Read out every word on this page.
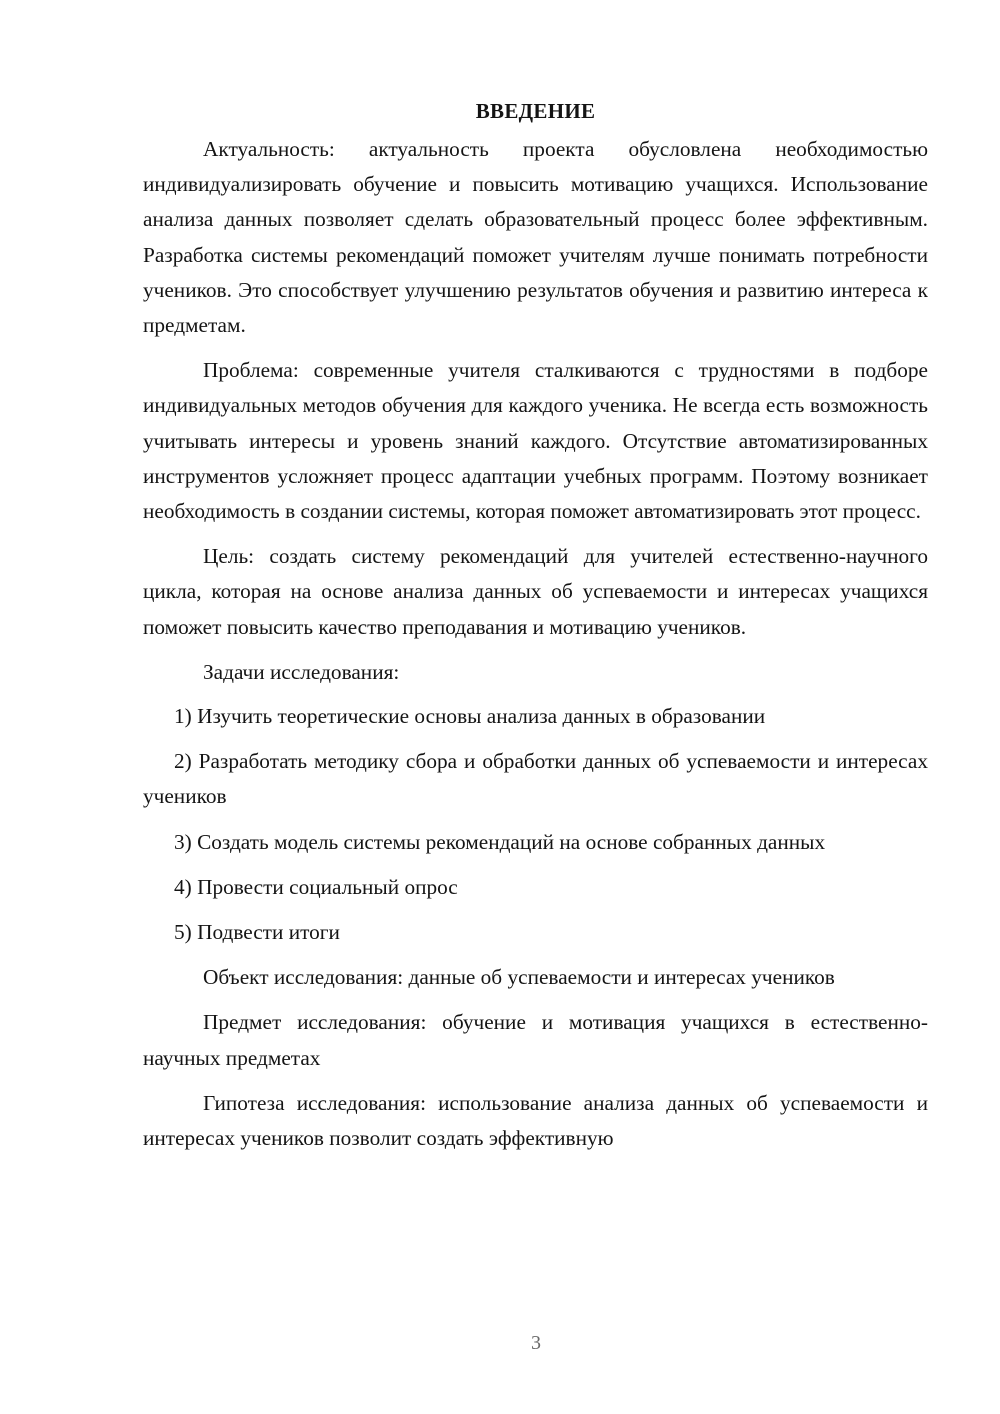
ВВЕДЕНИЕ

Актуальность: актуальность проекта обусловлена необходимостью индивидуализировать обучение и повысить мотивацию учащихся. Использование анализа данных позволяет сделать образовательный процесс более эффективным. Разработка системы рекомендаций поможет учителям лучше понимать потребности учеников. Это способствует улучшению результатов обучения и развитию интереса к предметам.

Проблема: современные учителя сталкиваются с трудностями в подборе индивидуальных методов обучения для каждого ученика. Не всегда есть возможность учитывать интересы и уровень знаний каждого. Отсутствие автоматизированных инструментов усложняет процесс адаптации учебных программ. Поэтому возникает необходимость в создании системы, которая поможет автоматизировать этот процесс.

Цель: создать систему рекомендаций для учителей естественно-научного цикла, которая на основе анализа данных об успеваемости и интересах учащихся поможет повысить качество преподавания и мотивацию учеников.

Задачи исследования:

1) Изучить теоретические основы анализа данных в образовании

2) Разработать методику сбора и обработки данных об успеваемости и интересах учеников

3) Создать модель системы рекомендаций на основе собранных данных

4) Провести социальный опрос

5) Подвести итоги

Объект исследования: данные об успеваемости и интересах учеников

Предмет исследования: обучение и мотивация учащихся в естественно-научных предметах

Гипотеза исследования: использование анализа данных об успеваемости и интересах учеников позволит создать эффективную

3
